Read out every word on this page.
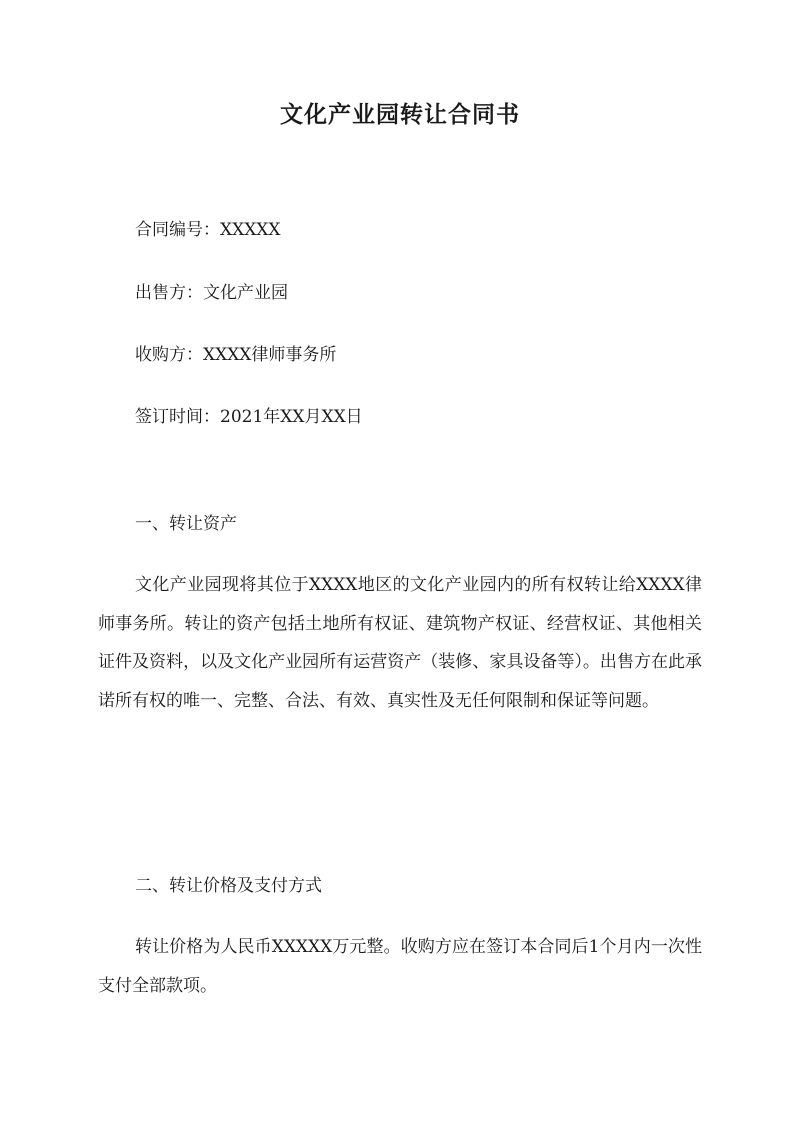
文化产业园转让合同书
合同编号：XXXXX
出售方：文化产业园
收购方：XXXX律师事务所
签订时间：2021年XX月XX日
一、转让资产

文化产业园现将其位于XXXX地区的文化产业园内的所有权转让给XXXX律师事务所。转让的资产包括土地所有权证、建筑物产权证、经营权证、其他相关证件及资料，以及文化产业园所有运营资产（装修、家具设备等）。出售方在此承诺所有权的唯一、完整、合法、有效、真实性及无任何限制和保证等问题。

二、转让价格及支付方式

转让价格为人民币XXXXX万元整。收购方应在签订本合同后1个月内一次性支付全部款项。
